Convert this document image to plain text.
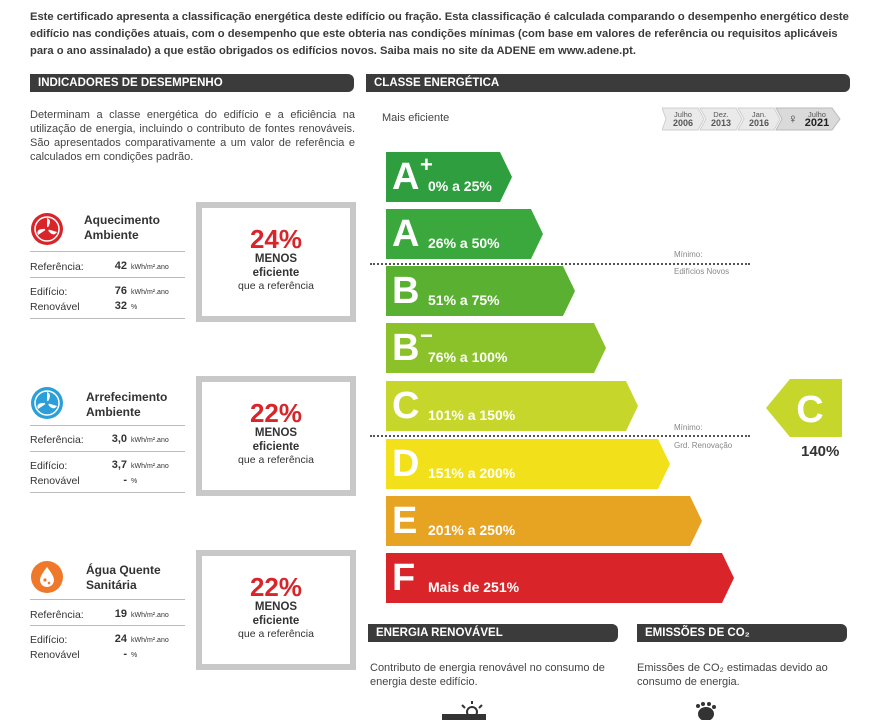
Este certificado apresenta a classificação energética deste edifício ou fração. Esta classificação é calculada comparando o desempenho energético deste edifício nas condições atuais, com o desempenho que este obteria nas condições mínimas (com base em valores de referência ou requisitos aplicáveis para o ano assinalado) a que estão obrigados os edifícios novos. Saiba mais no site da ADENE em www.adene.pt.
INDICADORES DE DESEMPENHO	CLASSE ENERGÉTICA
Determinam a classe energética do edifício e a eficiência na utilização de energia, incluindo o contributo de fontes renováveis. São apresentados comparativamente a um valor de referência e calculados em condições padrão.
Mais eficiente	Julho
2006
Dez.
2013
Jan.
2016	♀	Julho
2021
Aquecimento
Ambiente
Referência:	42 kWh/m².ano
Edifício:	76 kWh/m².ano
Renovável	32 %
24%
MENOS
eficiente
que a referência
Arrefecimento
Ambiente
Referência:	3,0 kWh/m².ano
Edifício:	3,7 kWh/m².ano
Renovável	- %
22%
MENOS
eficiente
que a referência
Água Quente
Sanitária
Referência:	19 kWh/m².ano
Edifício:	24 kWh/m².ano
Renovável	- %
22%
MENOS
eficiente
que a referência
A +
0% a 25%
A 26% a 50%
B 51% a 75%
B −
76% a 100%
C 101% a 150%
D 151% a 200%
E 201% a 250%
F Mais de 251%
Mínimo:
Edifícios Novos
Mínimo:
Grd. Renovação
C
140%
ENERGIA RENOVÁVEL	EMISSÕES DE CO₂
Contributo de energia renovável no consumo de energia deste edifício.
Emissões de CO₂ estimadas devido ao consumo de energia.
